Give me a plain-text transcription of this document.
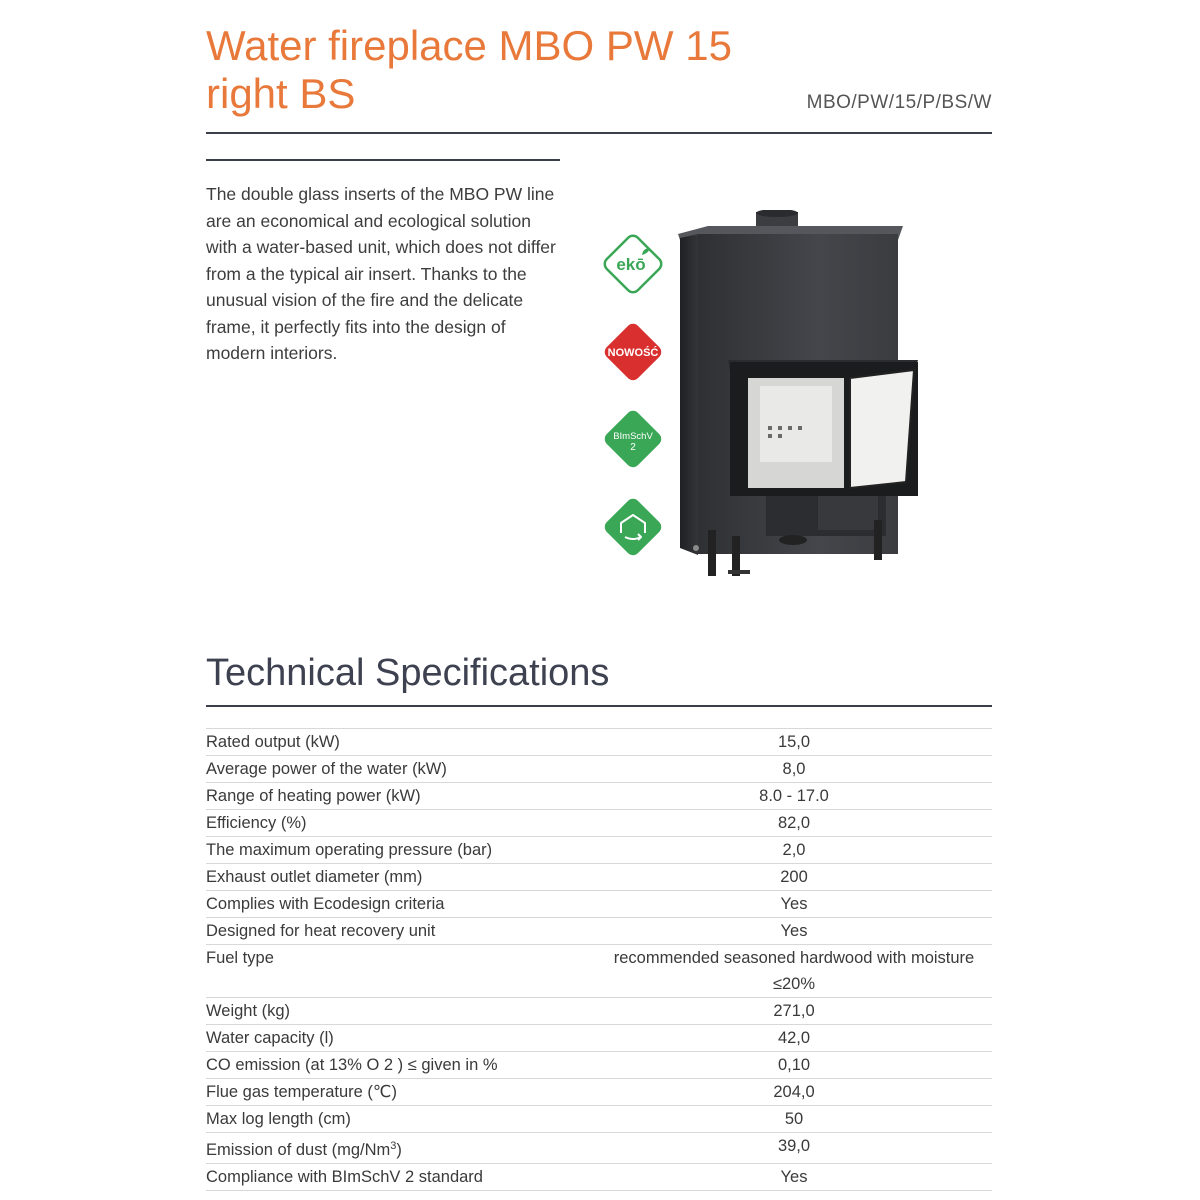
Water fireplace MBO PW 15 right BS	MBO/PW/15/P/BS/W

The double glass inserts of the MBO PW line are an economical and ecological solution with a water-based unit, which does not differ from a the typical air insert. Thanks to the unusual vision of the fire and the delicate frame, it perfectly fits into the design of modern interiors.

ekō
NOWOŚĆ
BImSchV
2
Technical Specifications
Rated output (kW)	15,0
Average power of the water (kW)	8,0
Range of heating power (kW)	8.0 - 17.0
Efficiency (%)	82,0
The maximum operating pressure (bar)	2,0
Exhaust outlet diameter (mm)	200
Complies with Ecodesign criteria	Yes
Designed for heat recovery unit	Yes
Fuel type	recommended seasoned hardwood with moisture ≤20%
Weight (kg)	271,0
Water capacity (l)	42,0
CO emission (at 13% O 2 ) ≤ given in %	0,10
Flue gas temperature (℃)	204,0
Max log length (cm)	50
Emission of dust (mg/Nm$^3$)	39,0
Compliance with BImSchV 2 standard	Yes
